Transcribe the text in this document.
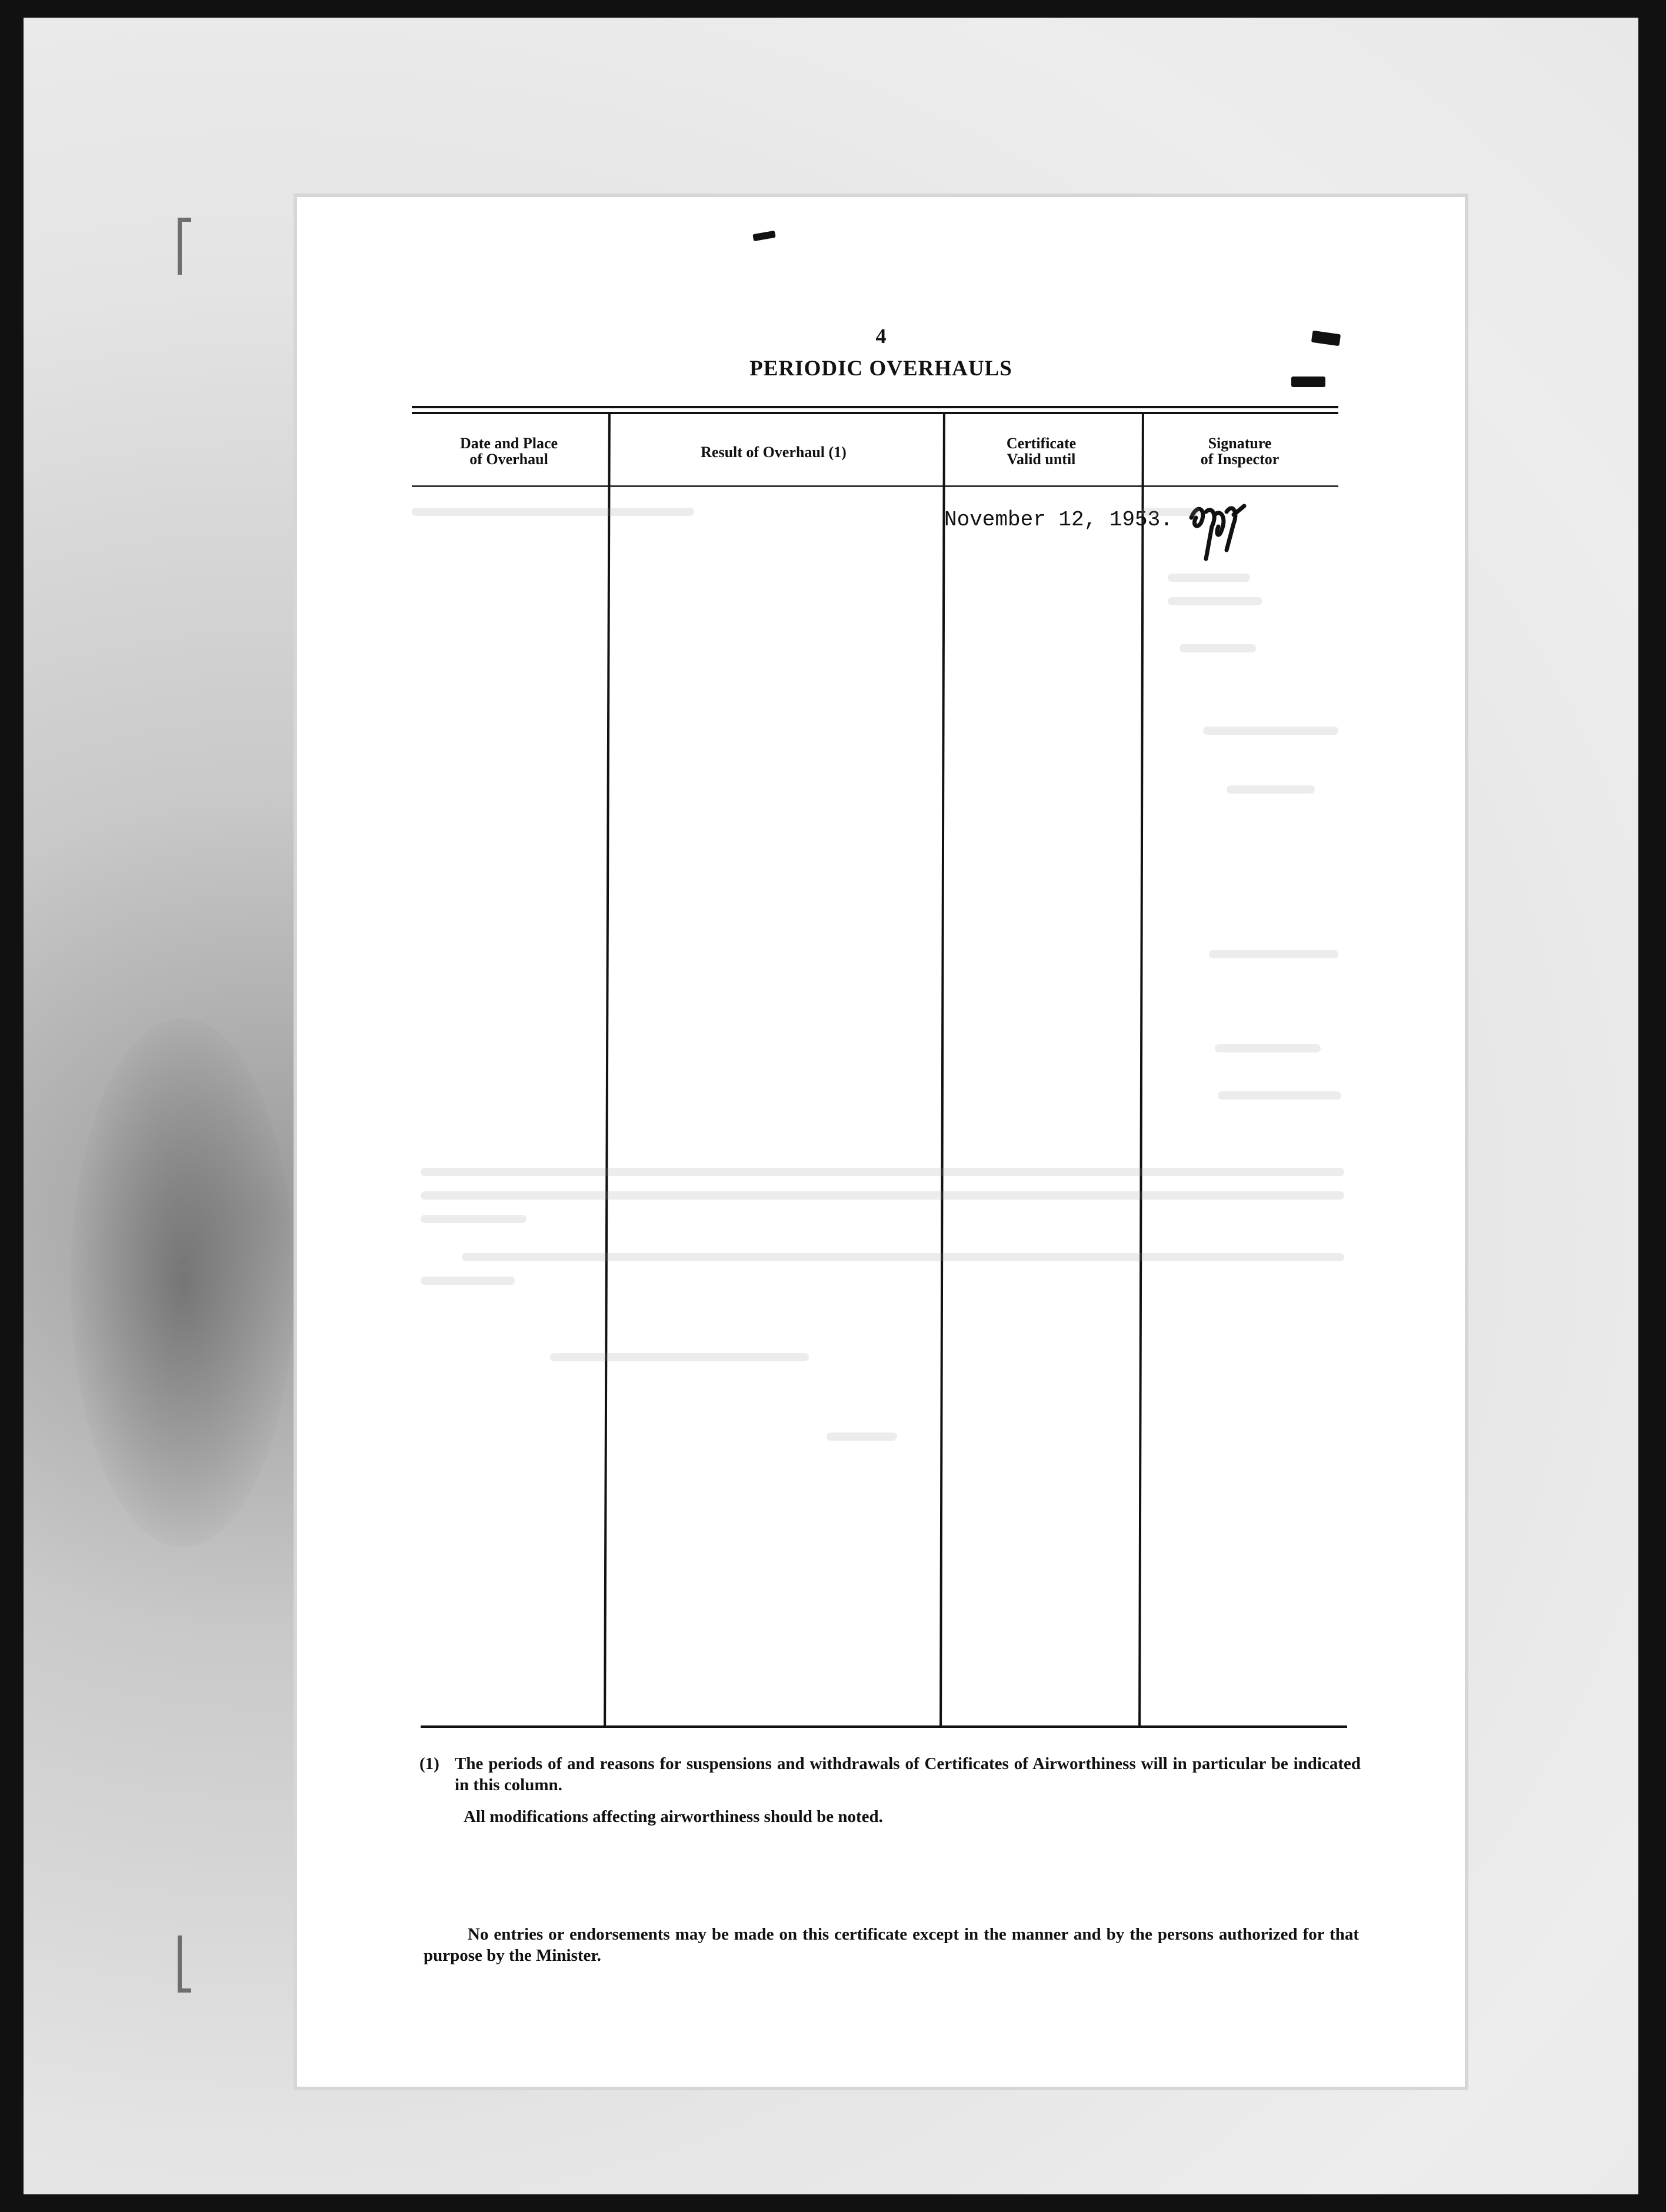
4
PERIODIC OVERHAULS
Date and Place
of Overhaul	Result of Overhaul (1)
Certificate
Valid until
Signature
of Inspector
November 12, 1953.
(1) The periods of and reasons for suspensions and withdrawals of Certificates of Airworthiness will in particular be indicated in this column.
All modifications affecting airworthiness should be noted.
No entries or endorsements may be made on this certificate except in the manner and by the persons authorized for that purpose by the Minister.
